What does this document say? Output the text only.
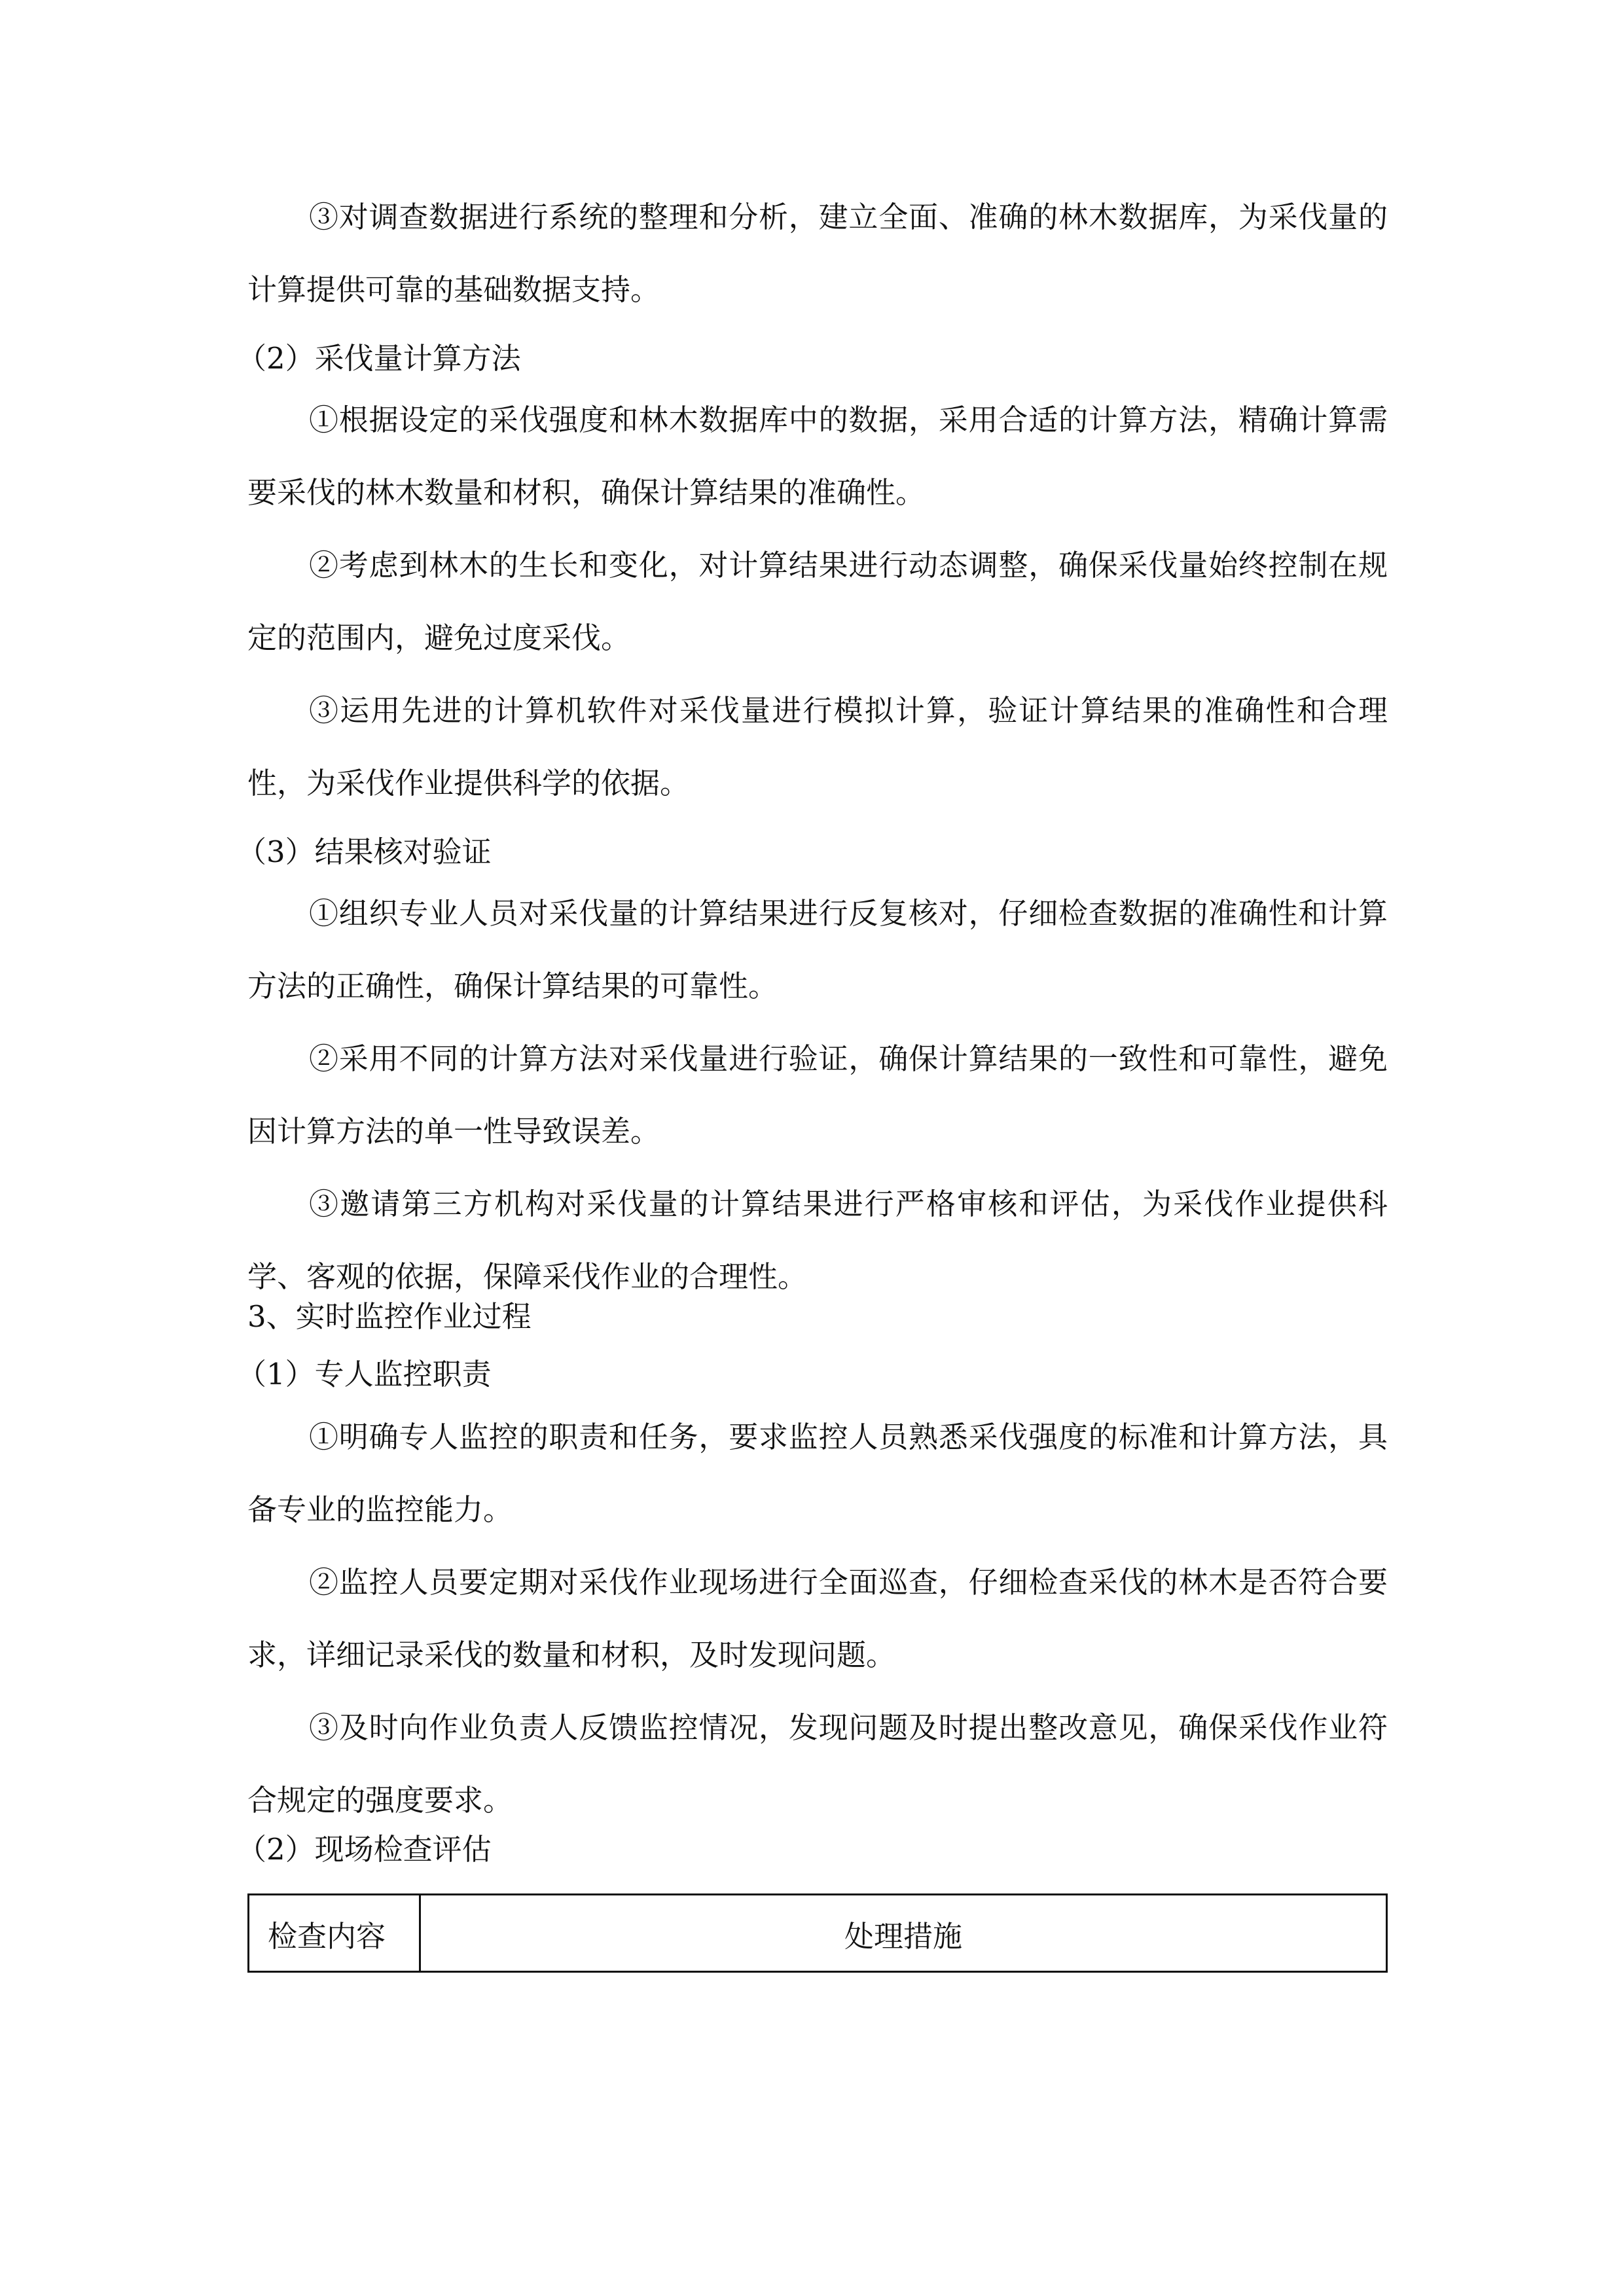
③对调查数据进行系统的整理和分析，建立全面、准确的林木数据库，为采伐量的计算提供可靠的基础数据支持。

（2）采伐量计算方法

①根据设定的采伐强度和林木数据库中的数据，采用合适的计算方法，精确计算需要采伐的林木数量和材积，确保计算结果的准确性。

②考虑到林木的生长和变化，对计算结果进行动态调整，确保采伐量始终控制在规定的范围内，避免过度采伐。

③运用先进的计算机软件对采伐量进行模拟计算，验证计算结果的准确性和合理性，为采伐作业提供科学的依据。

（3）结果核对验证

①组织专业人员对采伐量的计算结果进行反复核对，仔细检查数据的准确性和计算方法的正确性，确保计算结果的可靠性。

②采用不同的计算方法对采伐量进行验证，确保计算结果的一致性和可靠性，避免因计算方法的单一性导致误差。

③邀请第三方机构对采伐量的计算结果进行严格审核和评估，为采伐作业提供科学、客观的依据，保障采伐作业的合理性。

3、实时监控作业过程
（1）专人监控职责

①明确专人监控的职责和任务，要求监控人员熟悉采伐强度的标准和计算方法，具备专业的监控能力。

②监控人员要定期对采伐作业现场进行全面巡查，仔细检查采伐的林木是否符合要求，详细记录采伐的数量和材积，及时发现问题。

③及时向作业负责人反馈监控情况，发现问题及时提出整改意见，确保采伐作业符合规定的强度要求。

（2）现场检查评估
检查内容	处理措施
